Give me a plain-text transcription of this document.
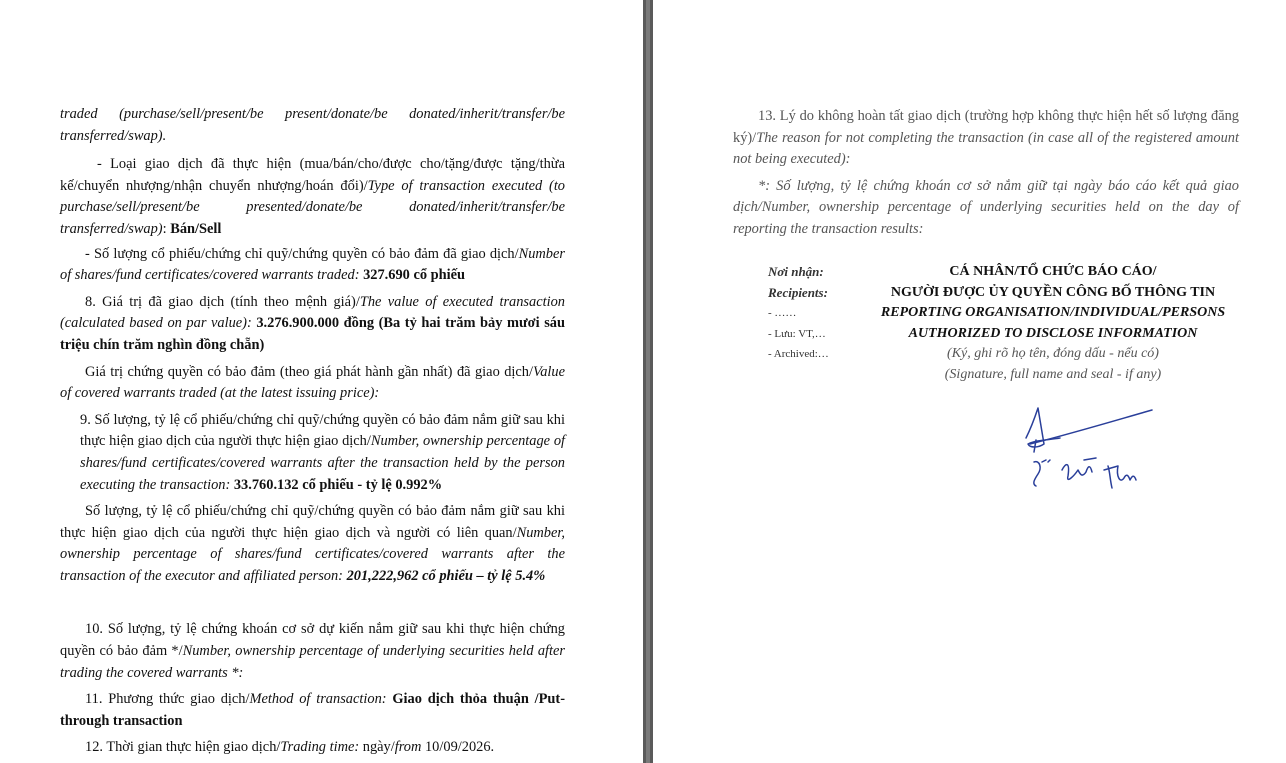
traded (purchase/sell/present/be present/donate/be donated/inherit/transfer/be transferred/swap).

- Loại giao dịch đã thực hiện (mua/bán/cho/được cho/tặng/được tặng/thừa kế/chuyển nhượng/nhận chuyển nhượng/hoán đổi)/Type of transaction executed (to purchase/sell/present/be presented/donate/be donated/inherit/transfer/be transferred/swap): Bán/Sell

- Số lượng cổ phiếu/chứng chỉ quỹ/chứng quyền có bảo đảm đã giao dịch/Number of shares/fund certificates/covered warrants traded: 327.690 cổ phiếu

8. Giá trị đã giao dịch (tính theo mệnh giá)/The value of executed transaction (calculated based on par value): 3.276.900.000 đồng (Ba tỷ hai trăm bảy mươi sáu triệu chín trăm nghìn đồng chẵn)

Giá trị chứng quyền có bảo đảm (theo giá phát hành gần nhất) đã giao dịch/Value of covered warrants traded (at the latest issuing price):

9. Số lượng, tỷ lệ cổ phiếu/chứng chỉ quỹ/chứng quyền có bảo đảm nắm giữ sau khi thực hiện giao dịch của người thực hiện giao dịch/Number, ownership percentage of shares/fund certificates/covered warrants after the transaction held by the person executing the transaction: 33.760.132 cổ phiếu - tỷ lệ 0.992%

Số lượng, tỷ lệ cổ phiếu/chứng chỉ quỹ/chứng quyền có bảo đảm nắm giữ sau khi thực hiện giao dịch của người thực hiện giao dịch và người có liên quan/Number, ownership percentage of shares/fund certificates/covered warrants after the transaction of the executor and affiliated person: 201,222,962 cổ phiếu – tỷ lệ 5.4%

10. Số lượng, tỷ lệ chứng khoán cơ sở dự kiến nắm giữ sau khi thực hiện chứng quyền có bảo đảm */Number, ownership percentage of underlying securities held after trading the covered warrants *:

11. Phương thức giao dịch/Method of transaction: Giao dịch thỏa thuận /Put-through transaction

12. Thời gian thực hiện giao dịch/Trading time: ngày/from 10/09/2026.

13. Lý do không hoàn tất giao dịch (trường hợp không thực hiện hết số lượng đăng ký)/The reason for not completing the transaction (in case all of the registered amount not being executed):

*: Số lượng, tỷ lệ chứng khoán cơ sở nắm giữ tại ngày báo cáo kết quả giao dịch/Number, ownership percentage of underlying securities held on the day of reporting the transaction results:

Nơi nhận:
Recipients:
- ……
- Lưu: VT,…
- Archived:…
CÁ NHÂN/TỔ CHỨC BÁO CÁO/
NGƯỜI ĐƯỢC ỦY QUYỀN CÔNG BỐ THÔNG TIN
REPORTING ORGANISATION/INDIVIDUAL/PERSONS
AUTHORIZED TO DISCLOSE INFORMATION
(Ký, ghi rõ họ tên, đóng dấu - nếu có)
(Signature, full name and seal - if any)
